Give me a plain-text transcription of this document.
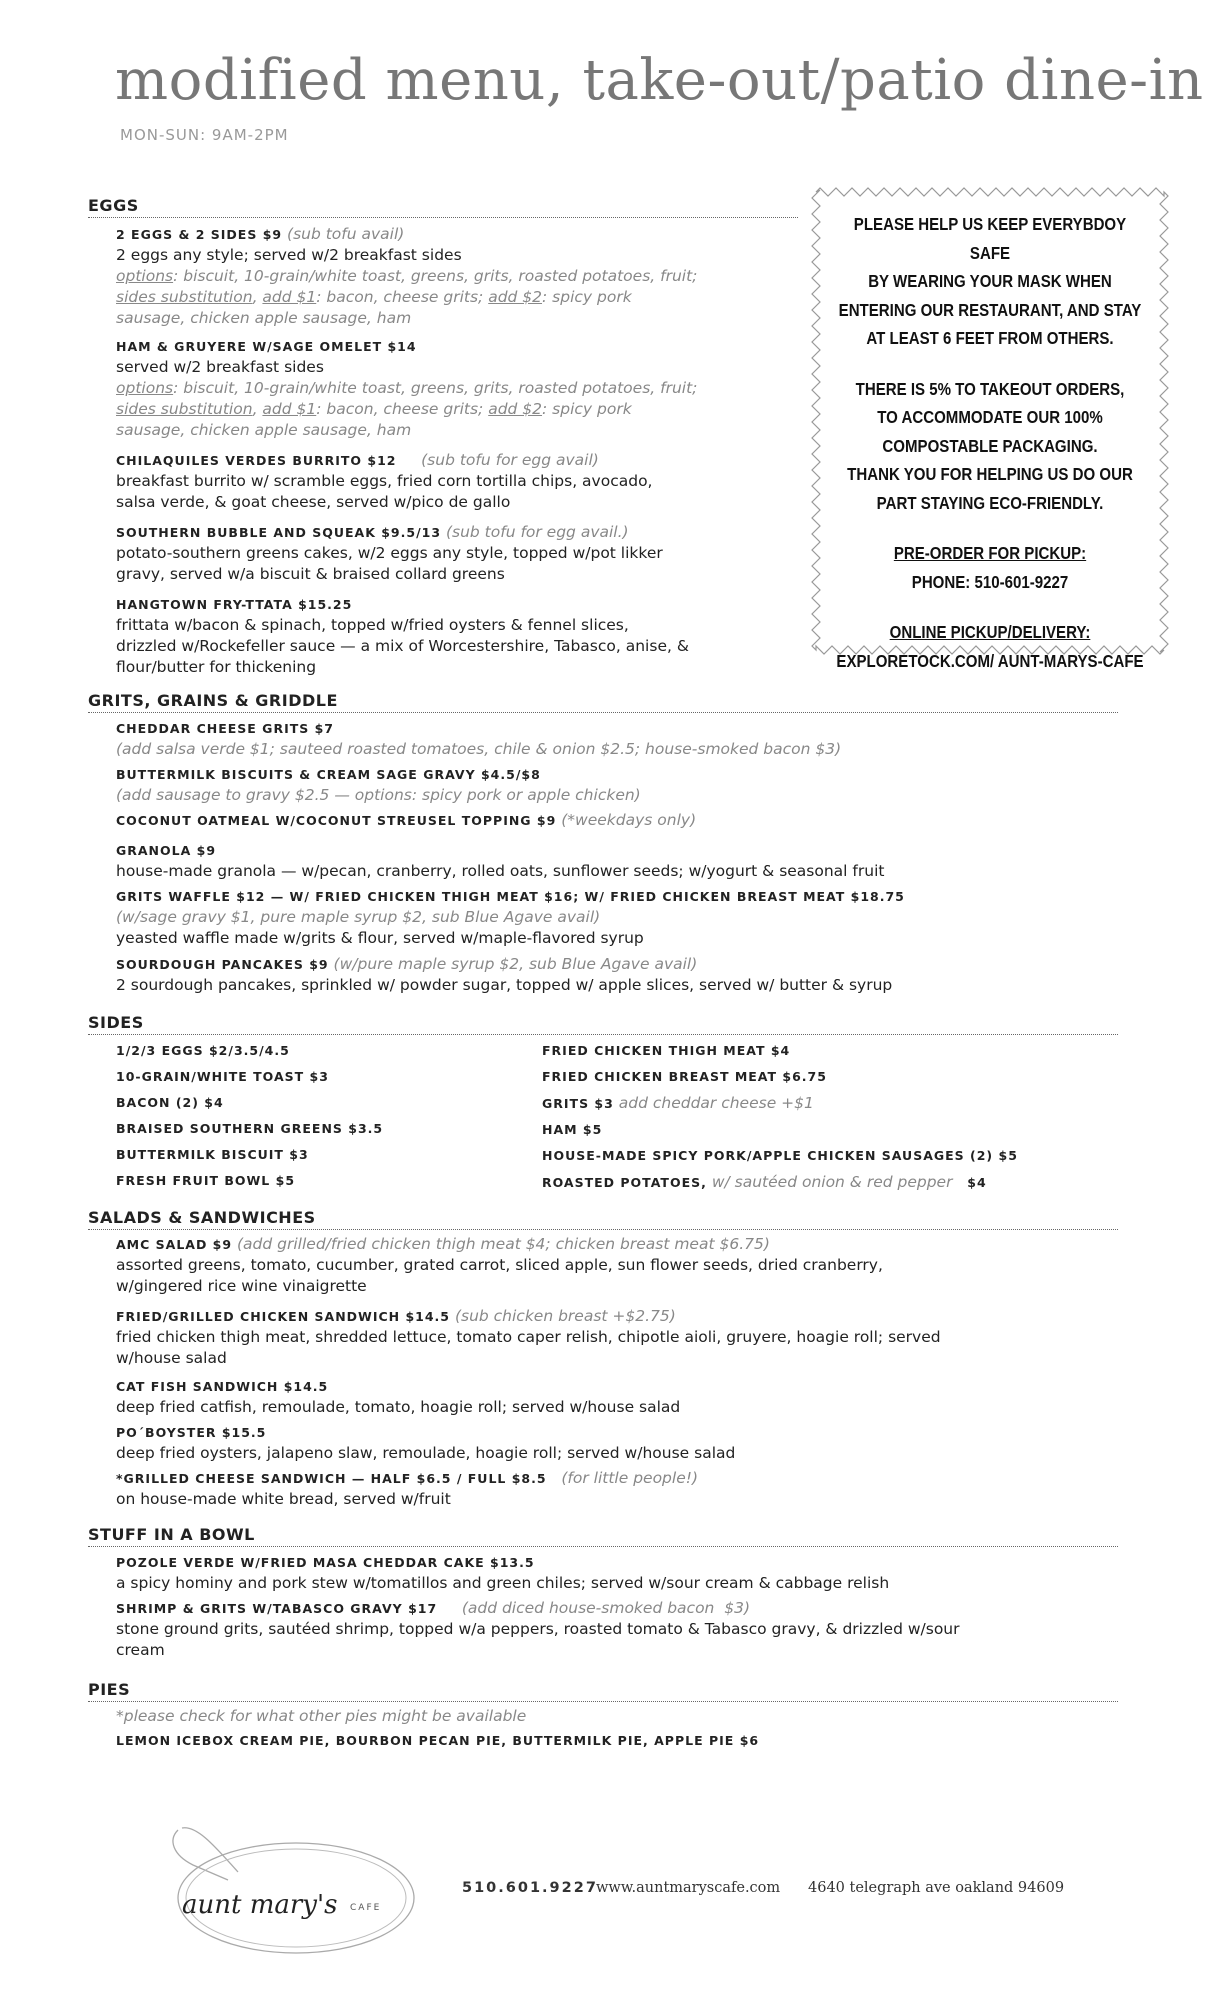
modified menu, take-out/patio dine-in
MON-SUN: 9AM-2PM
PLEASE HELP US KEEP EVERYBDOY SAFE
BY WEARING YOUR MASK WHEN
ENTERING OUR RESTAURANT, AND STAY
AT LEAST 6 FEET FROM OTHERS.
THERE IS 5% TO TAKEOUT ORDERS,
TO ACCOMMODATE OUR 100%
COMPOSTABLE PACKAGING.
THANK YOU FOR HELPING US DO OUR
PART STAYING ECO-FRIENDLY.
PRE-ORDER FOR PICKUP:
PHONE: 510-601-9227
ONLINE PICKUP/DELIVERY:
EXPLORETOCK.COM/ AUNT-MARYS-CAFE
EGGS
2 EGGS & 2 SIDES $9 (sub tofu avail)
2 eggs any style; served w/2 breakfast sides
options: biscuit, 10-grain/white toast, greens, grits, roasted potatoes, fruit;
sides substitution, add $1: bacon, cheese grits; add $2: spicy pork
sausage, chicken apple sausage, ham
HAM & GRUYERE W/SAGE OMELET $14
served w/2 breakfast sides
options: biscuit, 10-grain/white toast, greens, grits, roasted potatoes, fruit;
sides substitution, add $1: bacon, cheese grits; add $2: spicy pork
sausage, chicken apple sausage, ham
CHILAQUILES VERDES BURRITO $12     (sub tofu for egg avail)
breakfast burrito w/ scramble eggs, fried corn tortilla chips, avocado,
salsa verde, & goat cheese, served w/pico de gallo
SOUTHERN BUBBLE AND SQUEAK $9.5/13 (sub tofu for egg avail.)
potato-southern greens cakes, w/2 eggs any style, topped w/pot likker
gravy, served w/a biscuit & braised collard greens
HANGTOWN FRY-TTATA $15.25
frittata w/bacon & spinach, topped w/fried oysters & fennel slices,
drizzled w/Rockefeller sauce — a mix of Worcestershire, Tabasco, anise, &
flour/butter for thickening
GRITS, GRAINS & GRIDDLE
CHEDDAR CHEESE GRITS $7
(add salsa verde $1; sauteed roasted tomatoes, chile & onion $2.5; house-smoked bacon $3)
BUTTERMILK BISCUITS & CREAM SAGE GRAVY $4.5/$8
(add sausage to gravy $2.5 — options: spicy pork or apple chicken)
COCONUT OATMEAL W/COCONUT STREUSEL TOPPING $9 (*weekdays only)
GRANOLA $9
house-made granola — w/pecan, cranberry, rolled oats, sunflower seeds; w/yogurt & seasonal fruit
GRITS WAFFLE $12 — W/ FRIED CHICKEN THIGH MEAT $16; W/ FRIED CHICKEN BREAST MEAT $18.75
(w/sage gravy $1, pure maple syrup $2, sub Blue Agave avail)
yeasted waffle made w/grits & flour, served w/maple-flavored syrup
SOURDOUGH PANCAKES $9 (w/pure maple syrup $2, sub Blue Agave avail)
2 sourdough pancakes, sprinkled w/ powder sugar, topped w/ apple slices, served w/ butter & syrup
SIDES
1/2/3 EGGS $2/3.5/4.5
10-GRAIN/WHITE TOAST $3
BACON (2) $4
BRAISED SOUTHERN GREENS $3.5
BUTTERMILK BISCUIT $3
FRESH FRUIT BOWL $5
FRIED CHICKEN THIGH MEAT $4
FRIED CHICKEN BREAST MEAT $6.75
GRITS $3 add cheddar cheese +$1
HAM $5
HOUSE-MADE SPICY PORK/APPLE CHICKEN SAUSAGES (2) $5
ROASTED POTATOES, w/ sautéed onion & red pepper   $4
SALADS & SANDWICHES
AMC SALAD $9 (add grilled/fried chicken thigh meat $4; chicken breast meat $6.75)
assorted greens, tomato, cucumber, grated carrot, sliced apple, sun flower seeds, dried cranberry,
w/gingered rice wine vinaigrette
FRIED/GRILLED CHICKEN SANDWICH $14.5 (sub chicken breast +$2.75)
fried chicken thigh meat, shredded lettuce, tomato caper relish, chipotle aioli, gruyere, hoagie roll; served
w/house salad
CAT FISH SANDWICH $14.5
deep fried catfish, remoulade, tomato, hoagie roll; served w/house salad
PO´BOYSTER $15.5
deep fried oysters, jalapeno slaw, remoulade, hoagie roll; served w/house salad
*GRILLED CHEESE SANDWICH — HALF $6.5 / FULL $8.5   (for little people!)
on house-made white bread, served w/fruit
STUFF IN A BOWL
POZOLE VERDE W/FRIED MASA CHEDDAR CAKE $13.5
a spicy hominy and pork stew w/tomatillos and green chiles; served w/sour cream & cabbage relish
SHRIMP & GRITS W/TABASCO GRAVY $17     (add diced house-smoked bacon  $3)
stone ground grits, sautéed shrimp, topped w/a peppers, roasted tomato & Tabasco gravy, & drizzled w/sour
cream
PIES
*please check for what other pies might be available
LEMON ICEBOX CREAM PIE, BOURBON PECAN PIE, BUTTERMILK PIE, APPLE PIE $6
aunt mary's CAFE
510.601.9227
www.auntmaryscafe.com 4640 telegraph ave oakland 94609
